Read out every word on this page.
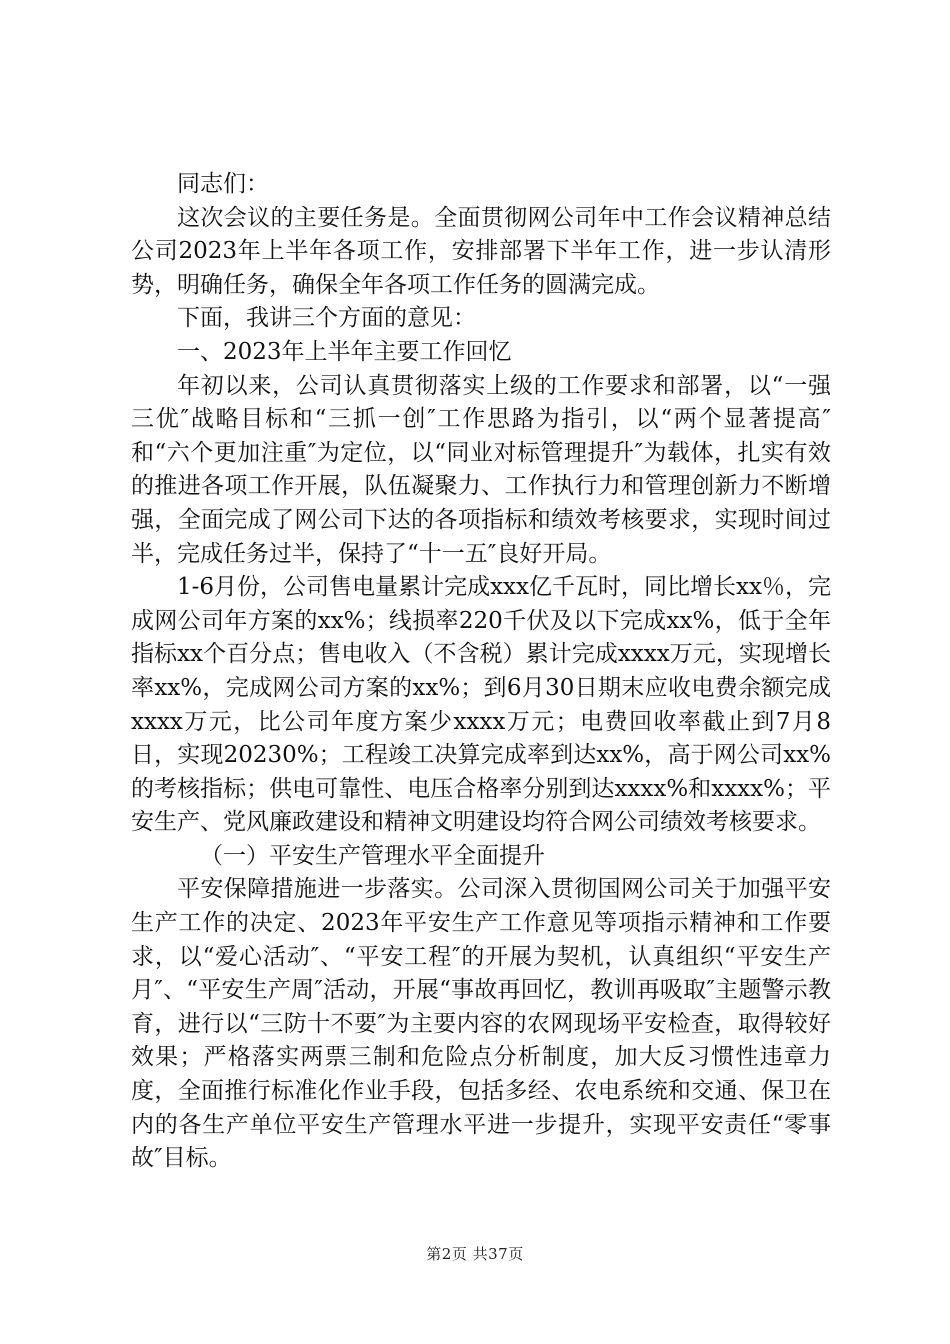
同志们：

这次会议的主要任务是。全面贯彻网公司年中工作会议精神总结公司2023年上半年各项工作，安排部署下半年工作，进一步认清形势，明确任务，确保全年各项工作任务的圆满完成。

下面，我讲三个方面的意见：

一、2023年上半年主要工作回忆

年初以来，公司认真贯彻落实上级的工作要求和部署，以“一强三优″战略目标和“三抓一创″工作思路为指引，以“两个显著提高″和“六个更加注重″为定位，以“同业对标管理提升″为载体，扎实有效的推进各项工作开展，队伍凝聚力、工作执行力和管理创新力不断增强，全面完成了网公司下达的各项指标和绩效考核要求，实现时间过半，完成任务过半，保持了“十一五″良好开局。

1-6月份，公司售电量累计完成xxx亿千瓦时，同比增长xx％，完成网公司年方案的xx%；线损率220千伏及以下完成xx%，低于全年指标xx个百分点；售电收入（不含税）累计完成xxxx万元，实现增长率xx%，完成网公司方案的xx%；到6月30日期末应收电费余额完成xxxx万元，比公司年度方案少xxxx万元；电费回收率截止到7月8日，实现20230%；工程竣工决算完成率到达xx%，高于网公司xx%的考核指标；供电可靠性、电压合格率分别到达xxxx%和xxxx%；平安生产、党风廉政建设和精神文明建设均符合网公司绩效考核要求。

（一）平安生产管理水平全面提升

平安保障措施进一步落实。公司深入贯彻国网公司关于加强平安生产工作的决定、2023年平安生产工作意见等项指示精神和工作要求，以“爱心活动″、“平安工程″的开展为契机，认真组织“平安生产月″、“平安生产周″活动，开展“事故再回忆，教训再吸取″主题警示教育，进行以“三防十不要″为主要内容的农网现场平安检查，取得较好效果；严格落实两票三制和危险点分析制度，加大反习惯性违章力度，全面推行标准化作业手段，包括多经、农电系统和交通、保卫在内的各生产单位平安生产管理水平进一步提升，实现平安责任“零事故″目标。

第2页 共37页
